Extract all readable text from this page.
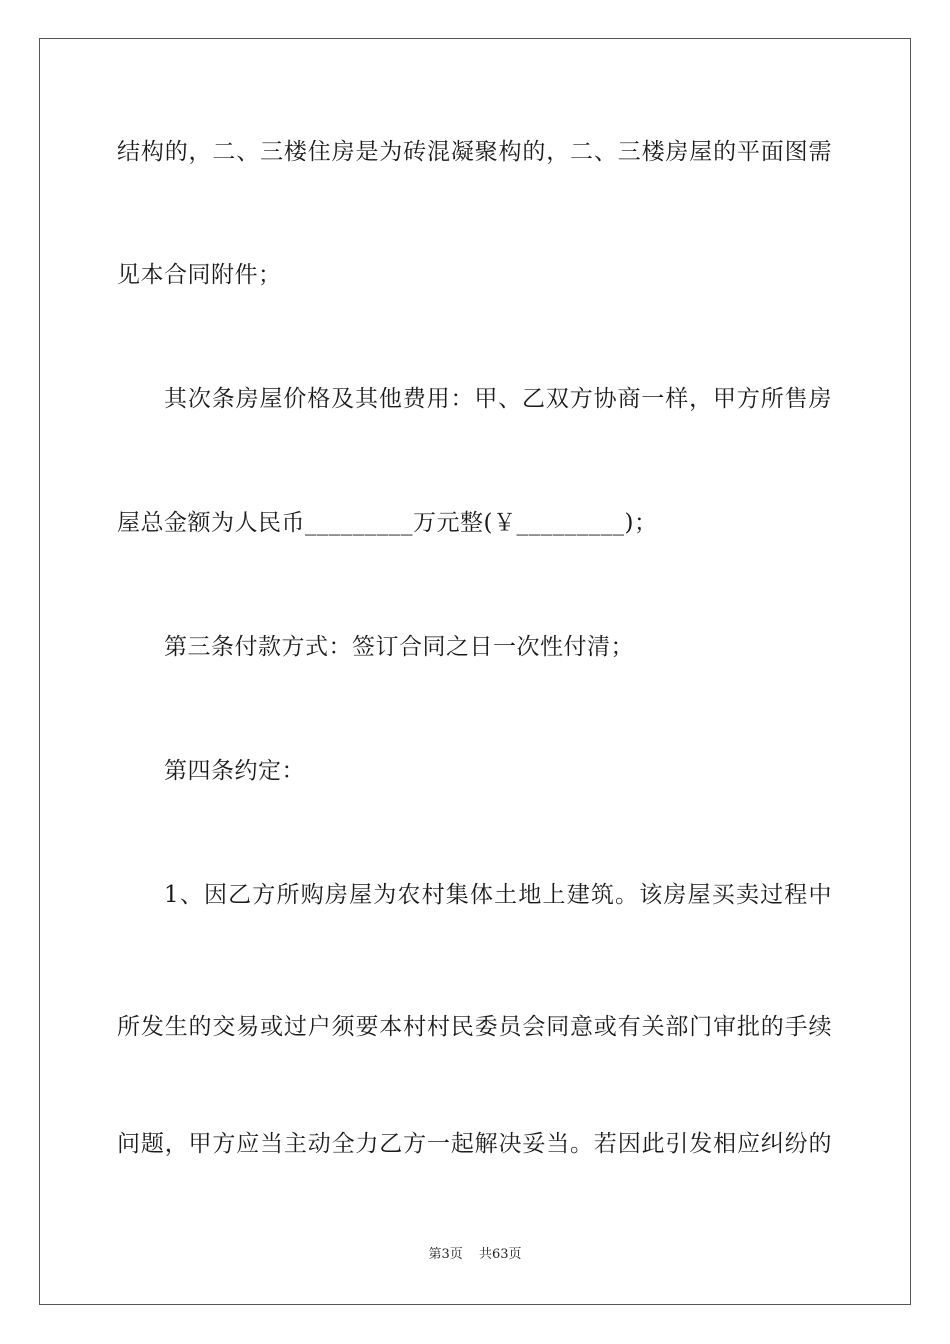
结构的，二、三楼住房是为砖混凝聚构的，二、三楼房屋的平面图需
见本合同附件；
其次条房屋价格及其他费用：甲、乙双方协商一样，甲方所售房
屋总金额为人民币_________万元整(￥_________)；
第三条付款方式：签订合同之日一次性付清；
第四条约定：
1、因乙方所购房屋为农村集体土地上建筑。该房屋买卖过程中
所发生的交易或过户须要本村村民委员会同意或有关部门审批的手续
问题，甲方应当主动全力乙方一起解决妥当。若因此引发相应纠纷的
第3页 共63页
